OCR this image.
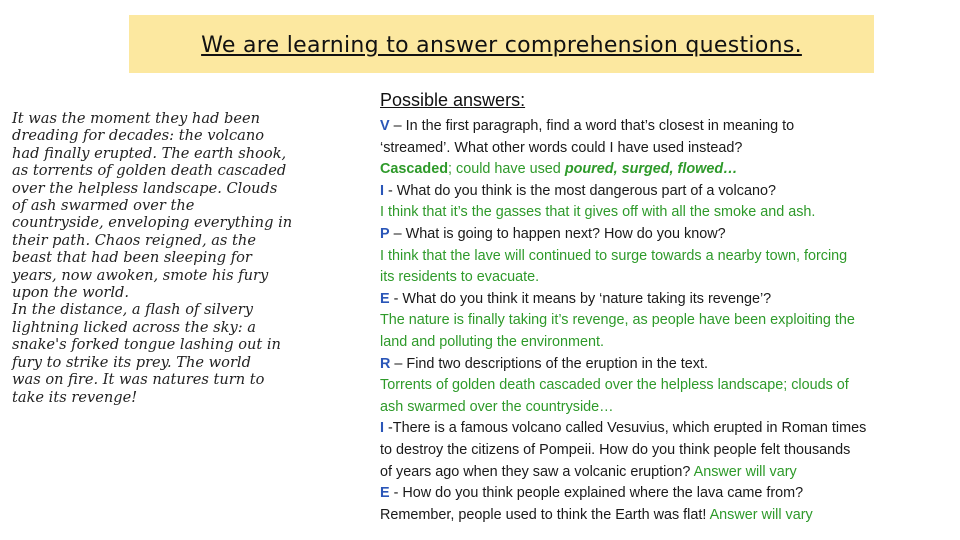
We are learning to answer comprehension questions.
It was the moment they had been
dreading for decades: the volcano
had finally erupted. The earth shook,
as torrents of golden death cascaded
over the helpless landscape. Clouds
of ash swarmed over the
countryside, enveloping everything in
their path. Chaos reigned, as the
beast that had been sleeping for
years, now awoken, smote his fury
upon the world.
In the distance, a flash of silvery
lightning licked across the sky: a
snake's forked tongue lashing out in
fury to strike its prey. The world
was on fire. It was natures turn to
take its revenge!
Possible answers:
V – In the first paragraph, find a word that’s closest in meaning to
‘streamed’. What other words could I have used instead?
Cascaded; could have used poured, surged, flowed…
I - What do you think is the most dangerous part of a volcano?
I think that it’s the gasses that it gives off with all the smoke and ash.
P – What is going to happen next? How do you know?
I think that the lave will continued to surge towards a nearby town, forcing
its residents to evacuate.
E - What do you think it means by ‘nature taking its revenge’?
The nature is finally taking it’s revenge, as people have been exploiting the
land and polluting the environment.
R – Find two descriptions of the eruption in the text.
Torrents of golden death cascaded over the helpless landscape; clouds of
ash swarmed over the countryside…
I -There is a famous volcano called Vesuvius, which erupted in Roman times
to destroy the citizens of Pompeii. How do you think people felt thousands
of years ago when they saw a volcanic eruption? Answer will vary
E - How do you think people explained where the lava came from?
Remember, people used to think the Earth was flat! Answer will vary
